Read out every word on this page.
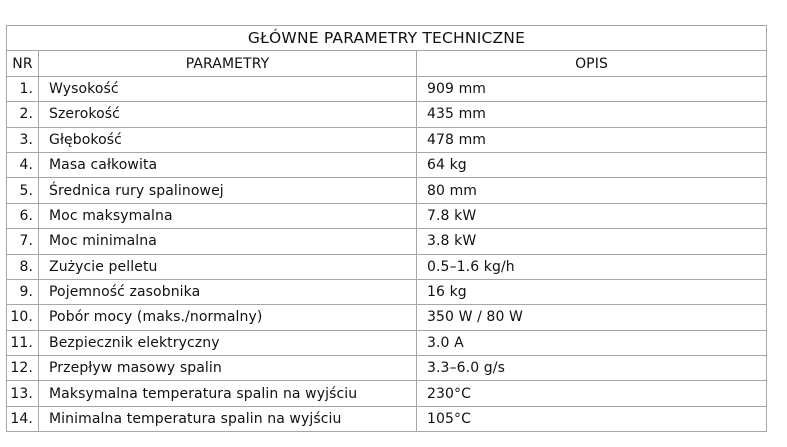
GŁÓWNE PARAMETRY TECHNICZNE		
NR	PARAMETRY	OPIS
1.	Wysokość	909 mm
2.	Szerokość	435 mm
3.	Głębokość	478 mm
4.	Masa całkowita	64 kg
5.	Średnica rury spalinowej	80 mm
6.	Moc maksymalna	7.8 kW
7.	Moc minimalna	3.8 kW
8.	Zużycie pelletu	0.5–1.6 kg/h
9.	Pojemność zasobnika	16 kg
10.	Pobór mocy (maks./normalny)	350 W / 80 W
11.	Bezpiecznik elektryczny	3.0 A
12.	Przepływ masowy spalin	3.3–6.0 g/s
13.	Maksymalna temperatura spalin na wyjściu	230°C
14.	Minimalna temperatura spalin na wyjściu	105°C
